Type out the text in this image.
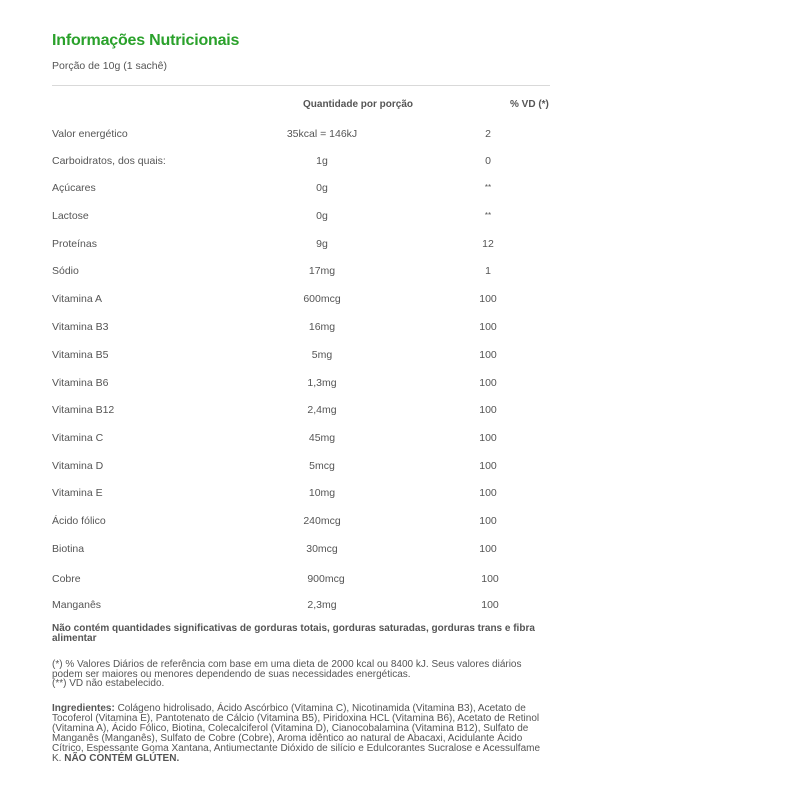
Informações Nutricionais
Porção de 10g (1 sachê)
Quantidade por porção	% VD (*)
Valor energético	35kcal = 146kJ	2
Carboidratos, dos quais:	1g	0
Açúcares	0g	**
Lactose	0g	**
Proteínas	9g	12
Sódio	17mg	1
Vitamina A	600mcg	100
Vitamina B3	16mg	100
Vitamina B5	5mg	100
Vitamina B6	1,3mg	100
Vitamina B12	2,4mg	100
Vitamina C	45mg	100
Vitamina D	5mcg	100
Vitamina E	10mg	100
Ácido fólico	240mcg	100
Biotina	30mcg	100
Cobre	900mcg	100
Manganês	2,3mg	100
Não contém quantidades significativas de gorduras totais, gorduras saturadas, gorduras trans e fibra alimentar

(*) % Valores Diários de referência com base em uma dieta de 2000 kcal ou 8400 kJ. Seus valores diários podem ser maiores ou menores dependendo de suas necessidades energéticas.

(**) VD não estabelecido.

Ingredientes: Colágeno hidrolisado, Ácido Ascórbico (Vitamina C), Nicotinamida (Vitamina B3), Acetato de Tocoferol (Vitamina E), Pantotenato de Cálcio (Vitamina B5), Piridoxina HCL (Vitamina B6), Acetato de Retinol (Vitamina A), Ácido Fólico, Biotina, Colecalciferol (Vitamina D), Cianocobalamina (Vitamina B12), Sulfato de Manganês (Manganês), Sulfato de Cobre (Cobre), Aroma idêntico ao natural de Abacaxi, Acidulante Ácido Cítrico, Espessante Goma Xantana, Antiumectante Dióxido de silício e Edulcorantes Sucralose e Acessulfame K. NÃO CONTÉM GLÚTEN.
